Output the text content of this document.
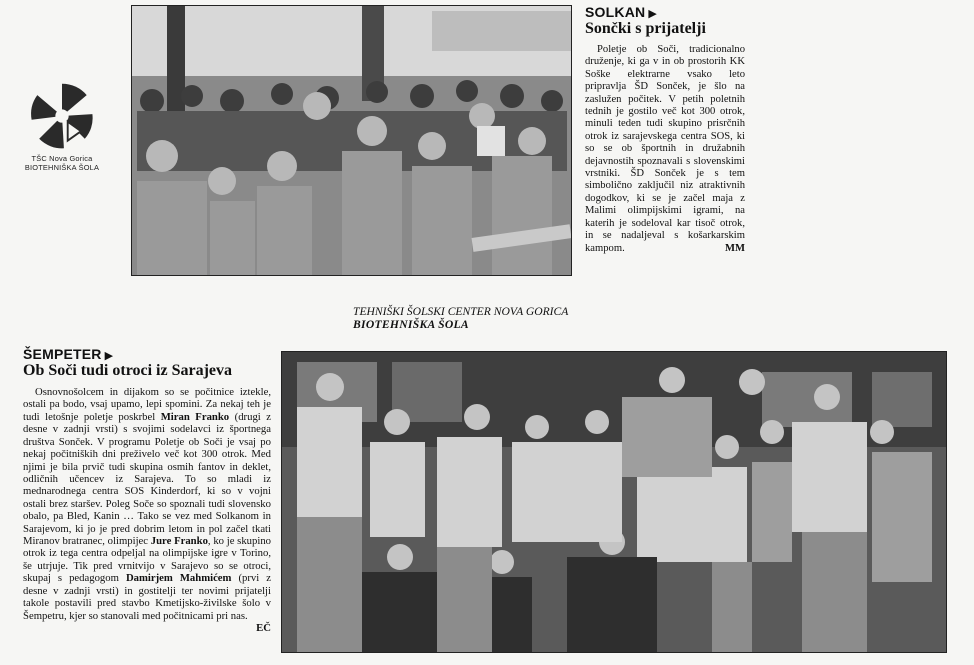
TŠC Nova Gorica
BIOTEHNIŠKA ŠOLA
SOLKAN ▶
Sončki s prijatelji
Poletje ob Soči, tradicionalno druženje, ki ga v in ob prostorih KK Soške elektrarne vsako leto pripravlja ŠD Sonček, je šlo na zaslužen počitek. V petih poletnih tednih je gostilo več kot 300 otrok, minuli teden tudi skupino prisrčnih otrok iz sarajevskega centra SOS, ki so se ob športnih in družabnih dejavnostih spoznavali s slovenskimi vrstniki. ŠD Sonček je s tem simbolično zaključil niz atraktivnih dogodkov, ki se je začel maja z Malimi olimpijskimi igrami, na katerih je sodeloval kar tisoč otrok, in se nadaljeval s košarkarskim kampom.	MM
TEHNIŠKI ŠOLSKI CENTER NOVA GORICA
BIOTEHNIŠKA ŠOLA
ŠEMPETER ▶
Ob Soči tudi otroci iz Sarajeva
Osnovnošolcem in dijakom so se počitnice iztekle, ostali pa bodo, vsaj upamo, lepi spomini. Za nekaj teh je tudi letošnje poletje poskrbel Miran Franko (drugi z desne v zadnji vrsti) s svojimi sodelavci iz športnega društva Sonček. V programu Poletje ob Soči je vsaj po nekaj počitniških dni preživelo več kot 300 otrok. Med njimi je bila prvič tudi skupina osmih fantov in deklet, odličnih učencev iz Sarajeva. To so mladi iz mednarodnega centra SOS Kinderdorf, ki so v vojni ostali brez staršev. Poleg Soče so spoznali tudi slovensko obalo, pa Bled, Kanin … Tako se vez med Solkanom in Sarajevom, ki jo je pred dobrim letom in pol začel tkati Miranov bratranec, olimpijec Jure Franko, ko je skupino otrok iz tega centra odpeljal na olimpijske igre v Torino, še utrjuje. Tik pred vrnitvijo v Sarajevo so se otroci, skupaj s pedagogom Damirjem Mahmićem (prvi z desne v zadnji vrsti) in gostitelji ter novimi prijatelji takole postavili pred stavbo Kmetijsko-živilske šolo v Šempetru, kjer so stanovali med počitnicami pri nas.
EČ
